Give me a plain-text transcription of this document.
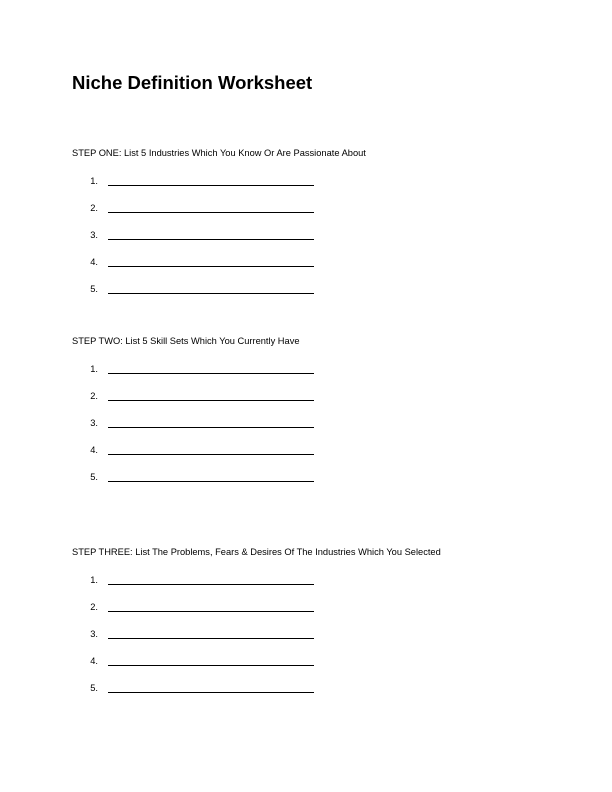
Niche Definition Worksheet
STEP ONE: List 5 Industries Which You Know Or Are Passionate About
1.
2.
3.
4.
5.
STEP TWO: List 5 Skill Sets Which You Currently Have
1.
2.
3.
4.
5.
STEP THREE: List The Problems, Fears & Desires Of The Industries Which You Selected
1.
2.
3.
4.
5.
